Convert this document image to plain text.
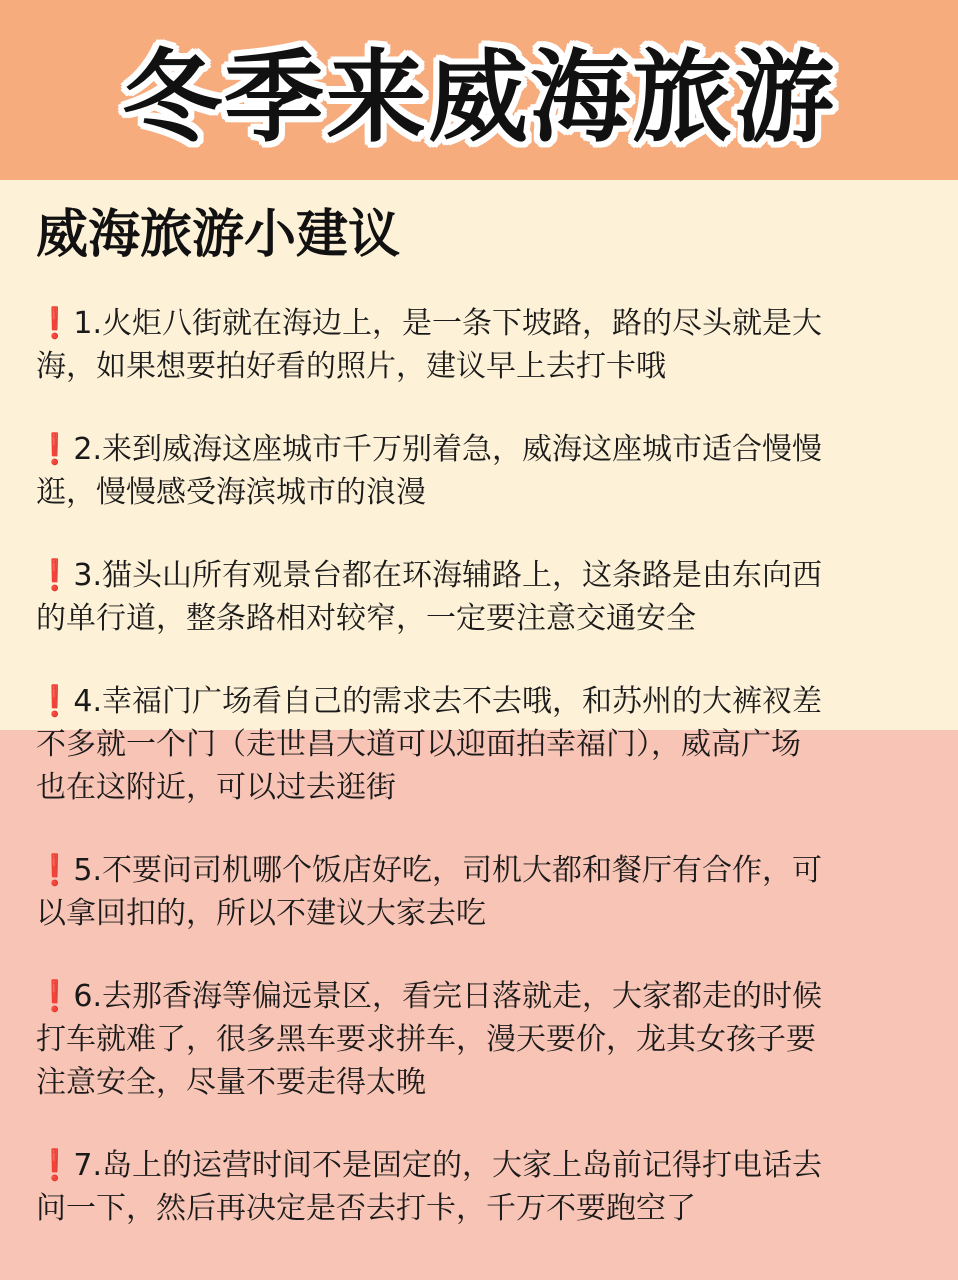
冬季来威海旅游
威海旅游小建议
❗1.火炬八街就在海边上，是一条下坡路，路的尽头就是大
海，如果想要拍好看的照片，建议早上去打卡哦
❗2.来到威海这座城市千万别着急，威海这座城市适合慢慢
逛，慢慢感受海滨城市的浪漫
❗3.猫头山所有观景台都在环海辅路上，这条路是由东向西
的单行道，整条路相对较窄，一定要注意交通安全
❗4.幸福门广场看自己的需求去不去哦，和苏州的大裤衩差
不多就一个门（走世昌大道可以迎面拍幸福门），威高广场
也在这附近，可以过去逛街
❗5.不要问司机哪个饭店好吃，司机大都和餐厅有合作，可
以拿回扣的，所以不建议大家去吃
❗6.去那香海等偏远景区，看完日落就走，大家都走的时候
打车就难了，很多黑车要求拼车，漫天要价，龙其女孩子要
注意安全，尽量不要走得太晚
❗7.岛上的运营时间不是固定的，大家上岛前记得打电话去
问一下，然后再决定是否去打卡，千万不要跑空了
